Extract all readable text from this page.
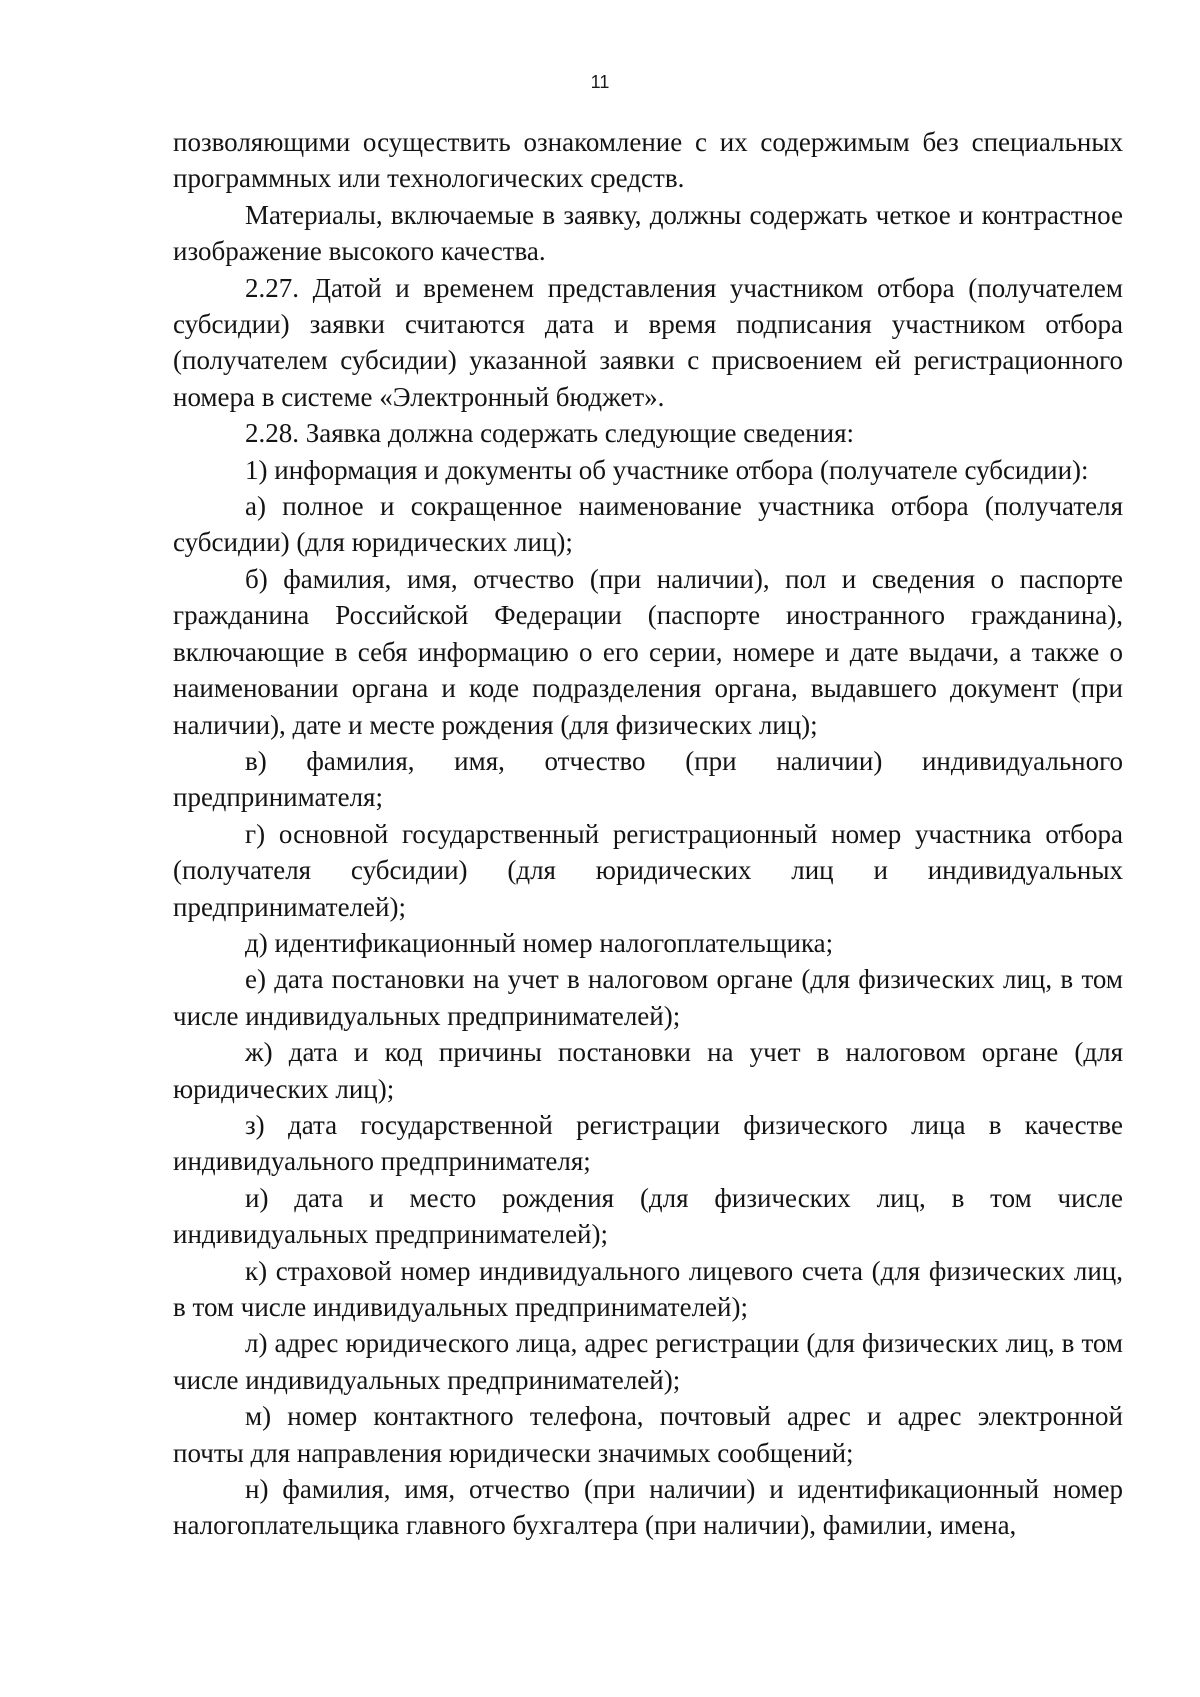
11

позволяющими осуществить ознакомление с их содержимым без специальных программных или технологических средств.

Материалы, включаемые в заявку, должны содержать четкое и контрастное изображение высокого качества.

2.27. Датой и временем представления участником отбора (получателем субсидии) заявки считаются дата и время подписания участником отбора (получателем субсидии) указанной заявки с присвоением ей регистрационного номера в системе «Электронный бюджет».

2.28. Заявка должна содержать следующие сведения:

1) информация и документы об участнике отбора (получателе субсидии):

а) полное и сокращенное наименование участника отбора (получателя субсидии) (для юридических лиц);

б) фамилия, имя, отчество (при наличии), пол и сведения о паспорте гражданина Российской Федерации (паспорте иностранного гражданина), включающие в себя информацию о его серии, номере и дате выдачи, а также о наименовании органа и коде подразделения органа, выдавшего документ (при наличии), дате и месте рождения (для физических лиц);

в) фамилия, имя, отчество (при наличии) индивидуального предпринимателя;

г) основной государственный регистрационный номер участника отбора (получателя субсидии) (для юридических лиц и индивидуальных предпринимателей);

д) идентификационный номер налогоплательщика;

е) дата постановки на учет в налоговом органе (для физических лиц, в том числе индивидуальных предпринимателей);

ж) дата и код причины постановки на учет в налоговом органе (для юридических лиц);

з) дата государственной регистрации физического лица в качестве индивидуального предпринимателя;

и) дата и место рождения (для физических лиц, в том числе индивидуальных предпринимателей);

к) страховой номер индивидуального лицевого счета (для физических лиц, в том числе индивидуальных предпринимателей);

л) адрес юридического лица, адрес регистрации (для физических лиц, в том числе индивидуальных предпринимателей);

м) номер контактного телефона, почтовый адрес и адрес электронной почты для направления юридически значимых сообщений;

н) фамилия, имя, отчество (при наличии) и идентификационный номер налогоплательщика главного бухгалтера (при наличии), фамилии, имена,
